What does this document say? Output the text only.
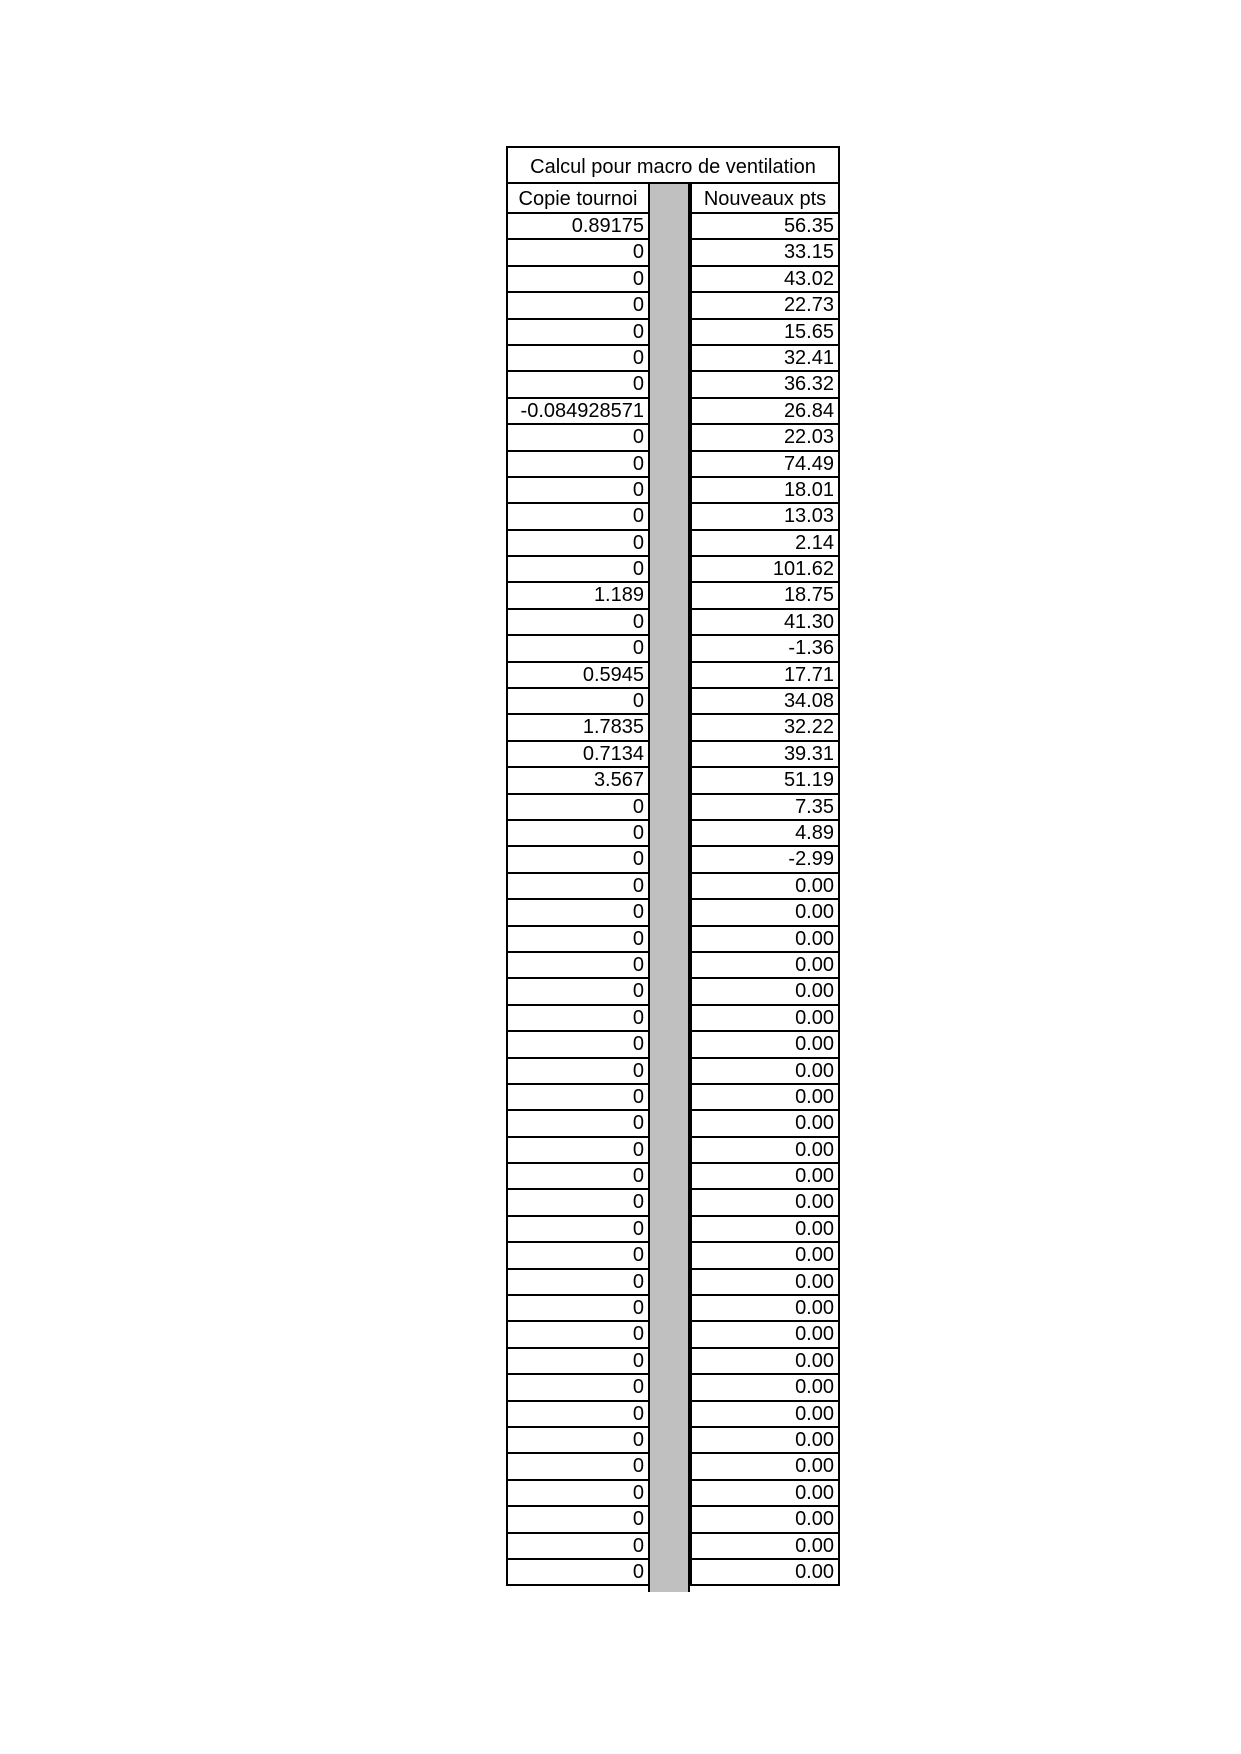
Calcul pour macro de ventilation
Copie tournoi
0.89175
0
0
0
0
0
0
-0.084928571
0
0
0
0
0
0
1.189
0
0
0.5945
0
1.7835
0.7134
3.567
0
0
0
0
0
0
0
0
0
0
0
0
0
0
0
0
0
0
0
0
0
0
0
0
0
0
0
0
0
0
Nouveaux pts
56.35
33.15
43.02
22.73
15.65
32.41
36.32
26.84
22.03
74.49
18.01
13.03
2.14
101.62
18.75
41.30
-1.36
17.71
34.08
32.22
39.31
51.19
7.35
4.89
-2.99
0.00
0.00
0.00
0.00
0.00
0.00
0.00
0.00
0.00
0.00
0.00
0.00
0.00
0.00
0.00
0.00
0.00
0.00
0.00
0.00
0.00
0.00
0.00
0.00
0.00
0.00
0.00
